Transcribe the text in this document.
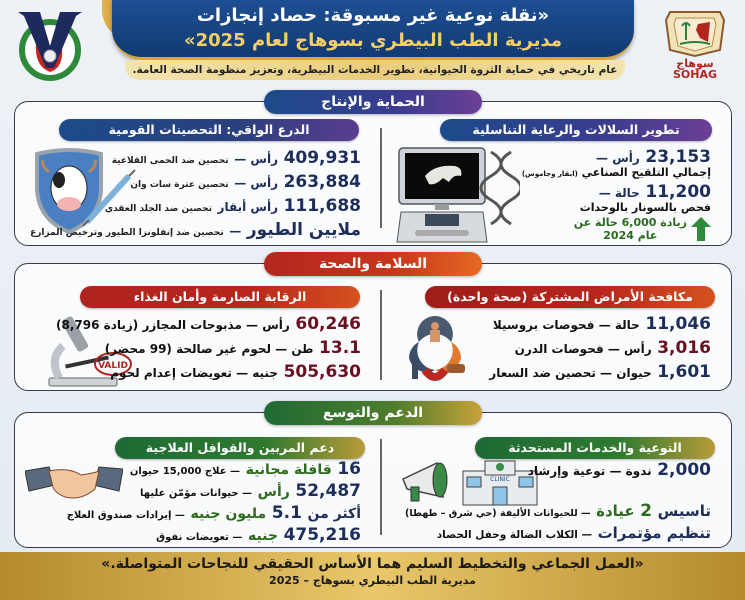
«نقلة نوعية غير مسبوقة: حصاد إنجازات
مديرية الطب البيطري بسوهاج لعام 2025»
عام تاريخي في حماية الثروة الحيوانية، تطوير الخدمات البيطرية، وتعزيز منظومة الصحة العامة.	سوهاج
SOHAG
الحماية والإنتاج
تطوير السلالات والرعاية التناسلية
23,153 رأس —
إجمالي التلقيح الصناعي (ابقار وجاموس)
11,200 حالة —
فحص بالسونار بالوحدات
زيادة 6,000 حالة عن
عام 2024
الدرع الواقي: التحصينات القومية
409,931 رأس — تحصين ضد الحمى القلاعية
263,884 رأس — تحصين عترة سات وان
111,688 رأس أبقار تحصين ضد الجلد العقدي
ملايين الطيور — تحصين ضد إنفلونزا الطيور وترخيص المزارع
السلامة والصحة
مكافحة الأمراض المشتركة (صحة واحدة)
11,046 حالة — فحوصات بروسيلا
3,016 رأس — فحوصات الدرن
1,601 حيوان — تحصين ضد السعار
الرقابة الصارمة وأمان الغذاء
VALID
60,246 رأس — مذبوحات المجازر (زيادة 8,796)
13.1 طن — لحوم غير صالحة (99 محضر)
505,630 جنيه — تعويضات إعدام لحوم
الدعم والتوسع
التوعية والخدمات المستحدثة
CLINIC	2,000 ندوة — توعية وإرشاد
تاسيس 2 عيادة — للحيوانات الأليفة (حي شرق – طهطا)
تنظيم مؤتمرات — الكلاب الضالة وحفل الحصاد
دعم المربين والقوافل العلاجية
16 قافلة مجانية — علاج 15,000 حيوان
52,487 رأس — حيوانات مؤمّن عليها
أكثر من 5.1 مليون جنيه — إيرادات صندوق العلاج
475,216 جنيه — تعويضات نفوق
«العمل الجماعي والتخطيط السليم هما الأساس الحقيقي للنجاحات المتواصلة.»
مديرية الطب البيطري بسوهاج – 2025
